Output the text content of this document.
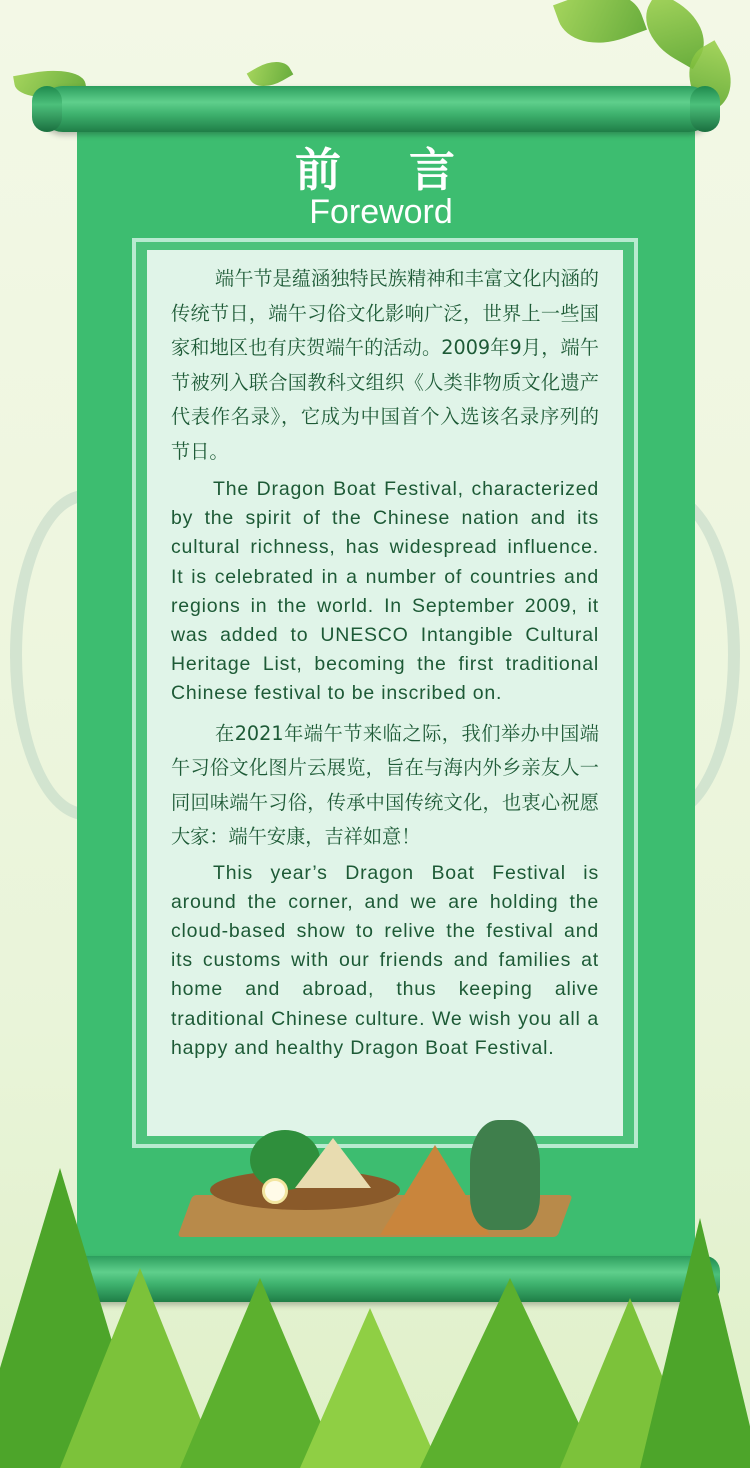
前 言
Foreword

端午节是蕴涵独特民族精神和丰富文化内涵的传统节日，端午习俗文化影响广泛，世界上一些国家和地区也有庆贺端午的活动。2009年9月，端午节被列入联合国教科文组织《人类非物质文化遗产代表作名录》，它成为中国首个入选该名录序列的节日。

The Dragon Boat Festival, characterized by the spirit of the Chinese nation and its cultural richness, has widespread influence. It is celebrated in a number of countries and regions in the world. In September 2009, it was added to UNESCO Intangible Cultural Heritage List, becoming the first traditional Chinese festival to be inscribed on.

在2021年端午节来临之际，我们举办中国端午习俗文化图片云展览，旨在与海内外乡亲友人一同回味端午习俗，传承中国传统文化，也衷心祝愿大家：端午安康，吉祥如意！

This year’s Dragon Boat Festival is around the corner, and we are holding the cloud-based show to relive the festival and its customs with our friends and families at home and abroad, thus keeping alive traditional Chinese culture. We wish you all a happy and healthy Dragon Boat Festival.
